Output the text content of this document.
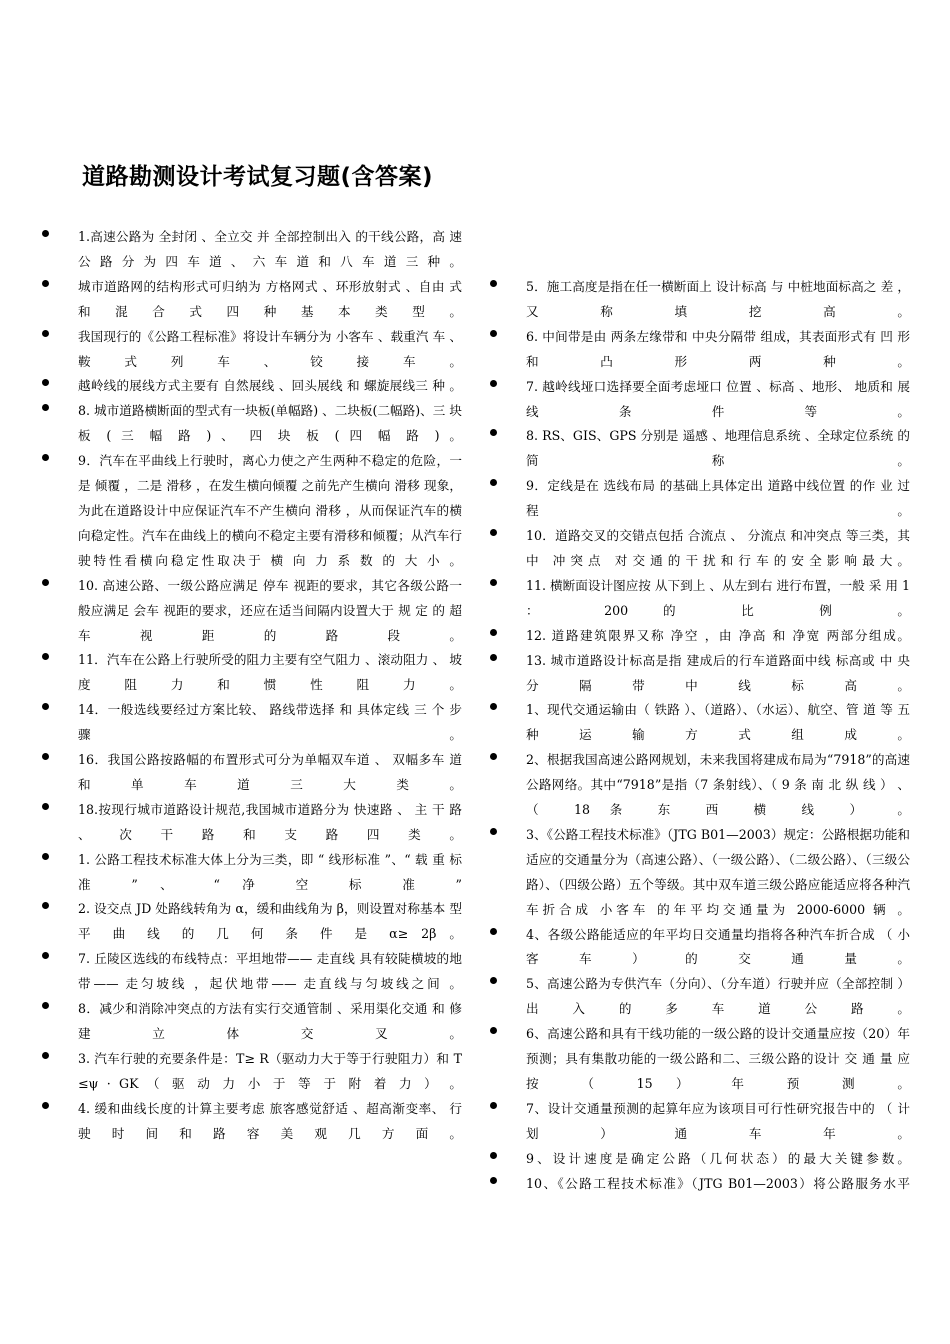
道路勘测设计考试复习题(含答案)
1.高速公路为 全封闭 、全立交 并 全部控制出入 的干线公路，高 速 公 路 分 为 四 车 道 、 六 车 道 和 八 车 道 三 种 。
城市道路网的结构形式可归纳为 方格网式 、环形放射式 、自由 式 和 混 合 式 四 种 基 本 类 型 。
我国现行的《公路工程标准》将设计车辆分为 小客车 、载重汽 车 、 鞍 式 列 车 、 铰 接 车 。
越岭线的展线方式主要有 自然展线 、回头展线 和 螺旋展线三 种 。
8. 城市道路横断面的型式有一块板(单幅路) 、二块板(二幅路)、三 块 板 ( 三 幅 路 ) 、 四 块 板 ( 四 幅 路 ) 。
9．汽车在平曲线上行驶时，离心力使之产生两种不稳定的危险，一是 倾覆 ，二是 滑移 ，在发生横向倾覆 之前先产生横向 滑移 现象，为此在道路设计中应保证汽车不产生横向 滑移 ，从而保证汽车的横向稳定性。汽车在曲线上的横向不稳定主要有滑移和倾覆；从汽车行驶特性看横向稳定性取决于 横 向 力 系 数 的 大 小 。
10. 高速公路、一级公路应满足 停车 视距的要求，其它各级公路一般应满足 会车 视距的要求，还应在适当间隔内设置大于 规 定 的 超 车 视 距 的 路 段 。
11．汽车在公路上行驶所受的阻力主要有空气阻力 、滚动阻力 、 坡 度 阻 力 和 惯 性 阻 力 。
14．一般选线要经过方案比较、 路线带选择 和 具体定线 三 个 步 骤 。
16．我国公路按路幅的布置形式可分为单幅双车道 、 双幅多车 道 和 单 车 道 三 大 类 。
18.按现行城市道路设计规范,我国城市道路分为 快速路 、 主 干 路 、 次 干 路 和 支 路 四 类 。
1. 公路工程技术标准大体上分为三类，即 “ 线形标准 ”、“ 载 重 标 准 ” 、 “ 净 空 标 准 ”
2. 设交点 JD 处路线转角为 α，缓和曲线角为 β，则设置对称基本 型 平 曲 线 的 几 何 条 件 是 α≥ 2β 。
7. 丘陵区选线的布线特点：平坦地带—— 走直线 具有较陡横坡的地带—— 走匀坡线 ，起伏地带—— 走直线与匀坡线之间 。
8．减少和消除冲突点的方法有实行交通管制 、采用渠化交通 和 修 建 立 体 交 叉 。
3. 汽车行驶的充要条件是：T≥ R（驱动力大于等于行驶阻力）和 T ≤ψ · GK （ 驱 动 力 小 于 等 于 附 着 力 ） 。
4. 缓和曲线长度的计算主要考虑 旅客感觉舒适 、超高渐变率、 行 驶 时 间 和 路 容 美 观 几 方 面 。
5．施工高度是指在任一横断面上 设计标高 与 中桩地面标高之 差 ， 又 称 填 挖 高 。
6. 中间带是由 两条左缘带和 中央分隔带 组成，其表面形式有 凹 形 和 凸 形 两 种 。
7. 越岭线垭口选择要全面考虑垭口 位置 、标高 、地形、 地质和 展 线 条 件 等 。
8. RS、GIS、GPS 分别是 遥感 、地理信息系统 、全球定位系统 的 简 称 。
9．定线是在 选线布局 的基础上具体定出 道路中线位置 的作 业 过 程 。
10．道路交叉的交错点包括 合流点 、 分流点 和冲突点 等三类，其中 冲突点 对交通的干扰和行车的安全影响最大。
11. 横断面设计图应按 从下到上 、从左到右 进行布置，一般 采 用 1 ： 200 的 比 例 。
12. 道路建筑限界又称 净空 ，由 净高 和 净宽 两部分组成。
13. 城市道路设计标高是指 建成后的行车道路面中线 标高或 中 央 分 隔 带 中 线 标 高 。
1、现代交通运输由（ 铁路 ）、（道路）、（水运）、航空、管 道 等 五 种 运 输 方 式 组 成 。
2、根据我国高速公路网规划，未来我国将建成布局为“7918”的高速公路网络。其中“7918”是指（7 条射线）、（ 9 条 南 北 纵 线 ） 、 （ 18 条 东 西 横 线 ） 。
3、《公路工程技术标准》（JTG B01—2003）规定：公路根据功能和适应的交通量分为（高速公路）、（一级公路）、（二级公路）、（三级公路）、（四级公路）五个等级。其中双车道三级公路应能适应将各种汽车折合成 小客车 的年平均交通量为 2000-6000 辆 。
4、各级公路能适应的年平均日交通量均指将各种汽车折合成 （ 小 客 车 ） 的 交 通 量 。
5、高速公路为专供汽车（分向）、（分车道）行驶并应（全部控制 ） 出 入 的 多 车 道 公 路 。
6、高速公路和具有干线功能的一级公路的设计交通量应按（20）年预测；具有集散功能的一级公路和二、三级公路的设计 交 通 量 应 按 （ 15 ） 年 预 测 。
7、设计交通量预测的起算年应为该项目可行性研究报告中的 （ 计 划 ） 通 车 年 。
9、设计速度是确定公路（几何状态）的最大关键参数。
10、《公路工程技术标准》（JTG B01—2003）将公路服务水平
